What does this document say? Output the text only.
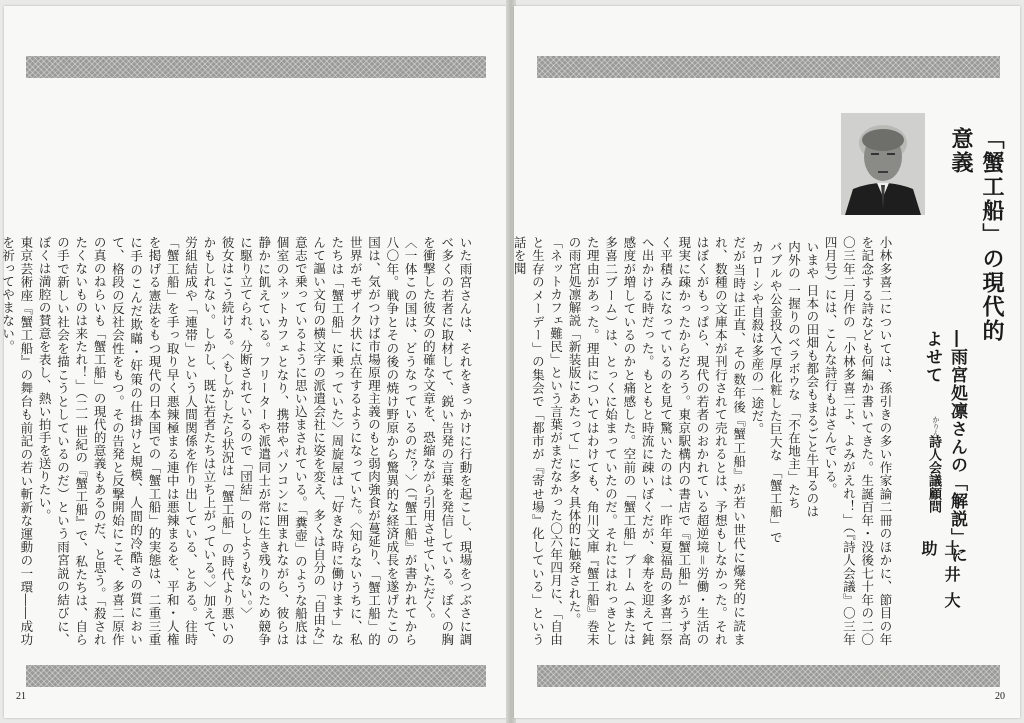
いた雨宮さんは、それをきっかけに行動を起こし、現場をつぶさに調べ多くの若者に取材して、鋭い告発の言葉を発信している。ぼくの胸を衝撃した彼女の的確な文章を、恐縮ながら引用させていただく。
〈一体この国は、どうなっているのだ？〉（『蟹工船』が書かれてから八〇年。戦争とその後の焼け野原から驚異的な経済成長を遂げたこの国は、気がつけば市場原理主義のもと弱肉強食が蔓延り、「蟹工船」的世界がモザイク状に点在するようになっていた。〈知らないうちに、私たちは「蟹工船」に乗っていた〉周旋屋は「好きな時に働けます」なんて謳い文句の横文字の派遣会社に姿を変え、多くは自分の「自由な」意志で乗っているように思い込まされている。「糞壺」のような船底は個室のネットカフェとなり、携帯やパソコンに囲まれながら、彼らは静かに飢えている。フリーターや派遣同士が常に生き残りのため競争に駆り立てられ、分断されているので「団結」のしようもない。〉
彼女はこう続ける。〈もしかしたら状況は「蟹工船」の時代より悪いのかもしれない。しかし、既に若者たちは立ち上がっている。〉加えて、労組結成や「連帯」という人間関係を作り出している、とある。往時「蟹工船」を手っ取り早く悪辣極まる連中は悪辣まるを、平和・人権を掲げる憲法をもつ現代の日本国での「蟹工船」的実態は、二重三重に手のこんだ欺瞞・奸策の仕掛けと規模、人間的冷酷さの質において、格段の反社会性をもつ。その告発と反撃開始にこそ、多喜二原作の真のねらいも「蟹工船」の現代的意義もあるのだ、と思う。「殺されたくないものは来たれ！」（二一世紀の『蟹工船』で、私たちは、自らの手で新しい社会を描こうとしているのだ）という雨宮説の結びに、ぼくは満腔の賛意を表し、熱い拍手を送りたい。
東京芸術座『蟹工船』の舞台も前記の若い斬新な運動の一環――成功を祈ってやまない。

21
「蟹工船」の現代的意義
―雨宮処凛さんの「解説」によせて
かりん
詩人会議顧問
土井大助

小林多喜二については、孫引きの多い作家論二冊のほかに、節目の年を記念する詩なども何編か書いてきた。生誕百年・没後七十年の二〇〇三年二月作の「小林多喜二よ、よみがえれ！」（『詩人会議』〇三年四月号）には、こんな詩行もはさんでいる。
いまや 日本の田畑も都会もまるごと牛耳るのは
内外の 一握りのベラボウな 「不在地主」たち
バブルや公金投入で厚化粧した巨大な 「蟹工船」で
カローシや自殺は多産の一途だ。
だが当時は正直、その数年後『蟹工船』が若い世代に爆発的に読まれ、数種の文庫本が刊行されて売れるとは、予想もしなかった。それはぼくがもっぱら、現代の若者のおかれている超逆境＝労働・生活の現実に疎かったからだろう。東京駅構内の書店で『蟹工船』がうず高く平積みになっているのを見て驚いたのは、一昨年夏福島の多喜二祭へ出かける時だった。もともと時流に疎いぼくだが、傘寿を迎えて鈍感度が増しているのかと痛感した。空前の「蟹工船」ブーム（または多喜二ブーム）は、とっくに始まっていたのだ。それにはれっきとした理由があった。理由についてはわけても、角川文庫『蟹工船』巻末の雨宮処凛解説「新装版にあたって」に多々具体的に触発された。
「ネットカフェ難民」という言葉がまだなかった〇六年四月に、「自由と生存のメーデー」の集会で「都市が『寄せ場』化している」という話を聞

20
